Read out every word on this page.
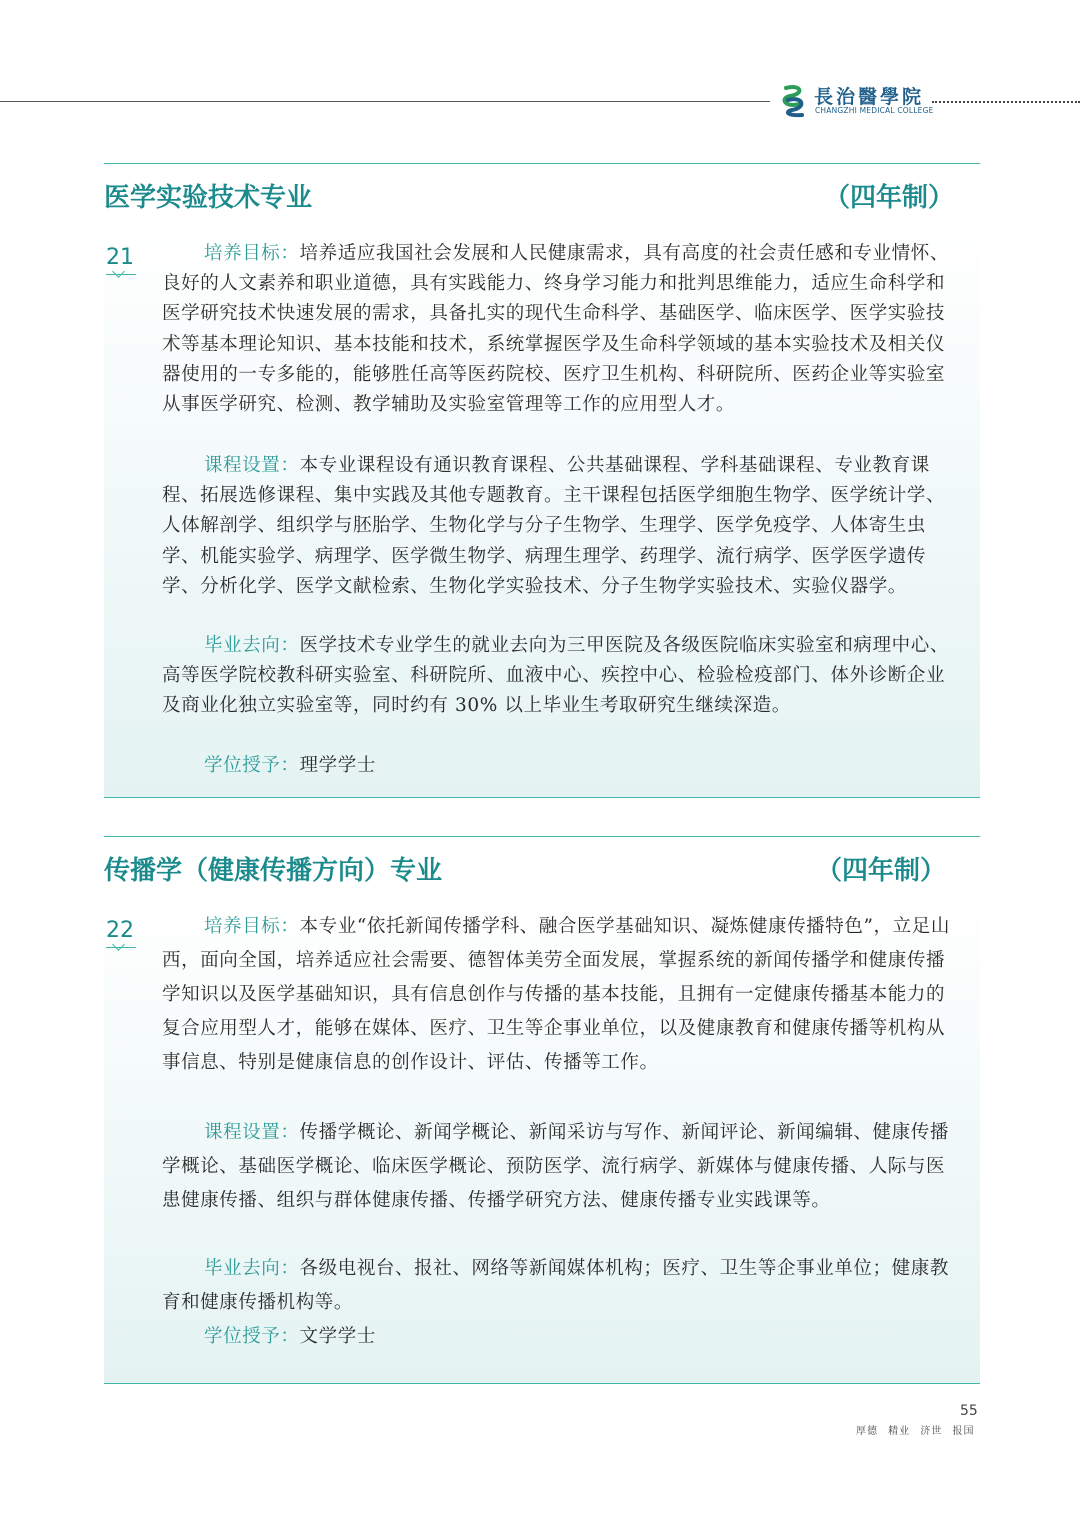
長治醫學院
CHANGZHI MEDICAL COLLEGE
医学实验技术专业	（四年制）
21	培养目标：培养适应我国社会发展和人民健康需求，具有高度的社会责任感和专业情怀、良好的人文素养和职业道德，具有实践能力、终身学习能力和批判思维能力，适应生命科学和医学研究技术快速发展的需求，具备扎实的现代生命科学、基础医学、临床医学、医学实验技术等基本理论知识、基本技能和技术，系统掌握医学及生命科学领域的基本实验技术及相关仪器使用的一专多能的，能够胜任高等医药院校、医疗卫生机构、科研院所、医药企业等实验室从事医学研究、检测、教学辅助及实验室管理等工作的应用型人才。
课程设置：本专业课程设有通识教育课程、公共基础课程、学科基础课程、专业教育课程、拓展选修课程、集中实践及其他专题教育。主干课程包括医学细胞生物学、医学统计学、人体解剖学、组织学与胚胎学、生物化学与分子生物学、生理学、医学免疫学、人体寄生虫学、机能实验学、病理学、医学微生物学、病理生理学、药理学、流行病学、医学医学遗传学、分析化学、医学文献检索、生物化学实验技术、分子生物学实验技术、实验仪器学。
毕业去向：医学技术专业学生的就业去向为三甲医院及各级医院临床实验室和病理中心、高等医学院校教科研实验室、科研院所、血液中心、疾控中心、检验检疫部门、体外诊断企业及商业化独立实验室等，同时约有 30% 以上毕业生考取研究生继续深造。
学位授予：理学学士
传播学（健康传播方向）专业	（四年制）
22	培养目标：本专业“依托新闻传播学科、融合医学基础知识、凝炼健康传播特色”，立足山西，面向全国，培养适应社会需要、德智体美劳全面发展，掌握系统的新闻传播学和健康传播学知识以及医学基础知识，具有信息创作与传播的基本技能，且拥有一定健康传播基本能力的复合应用型人才，能够在媒体、医疗、卫生等企事业单位，以及健康教育和健康传播等机构从事信息、特别是健康信息的创作设计、评估、传播等工作。
课程设置：传播学概论、新闻学概论、新闻采访与写作、新闻评论、新闻编辑、健康传播学概论、基础医学概论、临床医学概论、预防医学、流行病学、新媒体与健康传播、人际与医患健康传播、组织与群体健康传播、传播学研究方法、健康传播专业实践课等。
毕业去向：各级电视台、报社、网络等新闻媒体机构；医疗、卫生等企事业单位；健康教育和健康传播机构等。
学位授予：文学学士
55
厚德 精业 济世 报国
